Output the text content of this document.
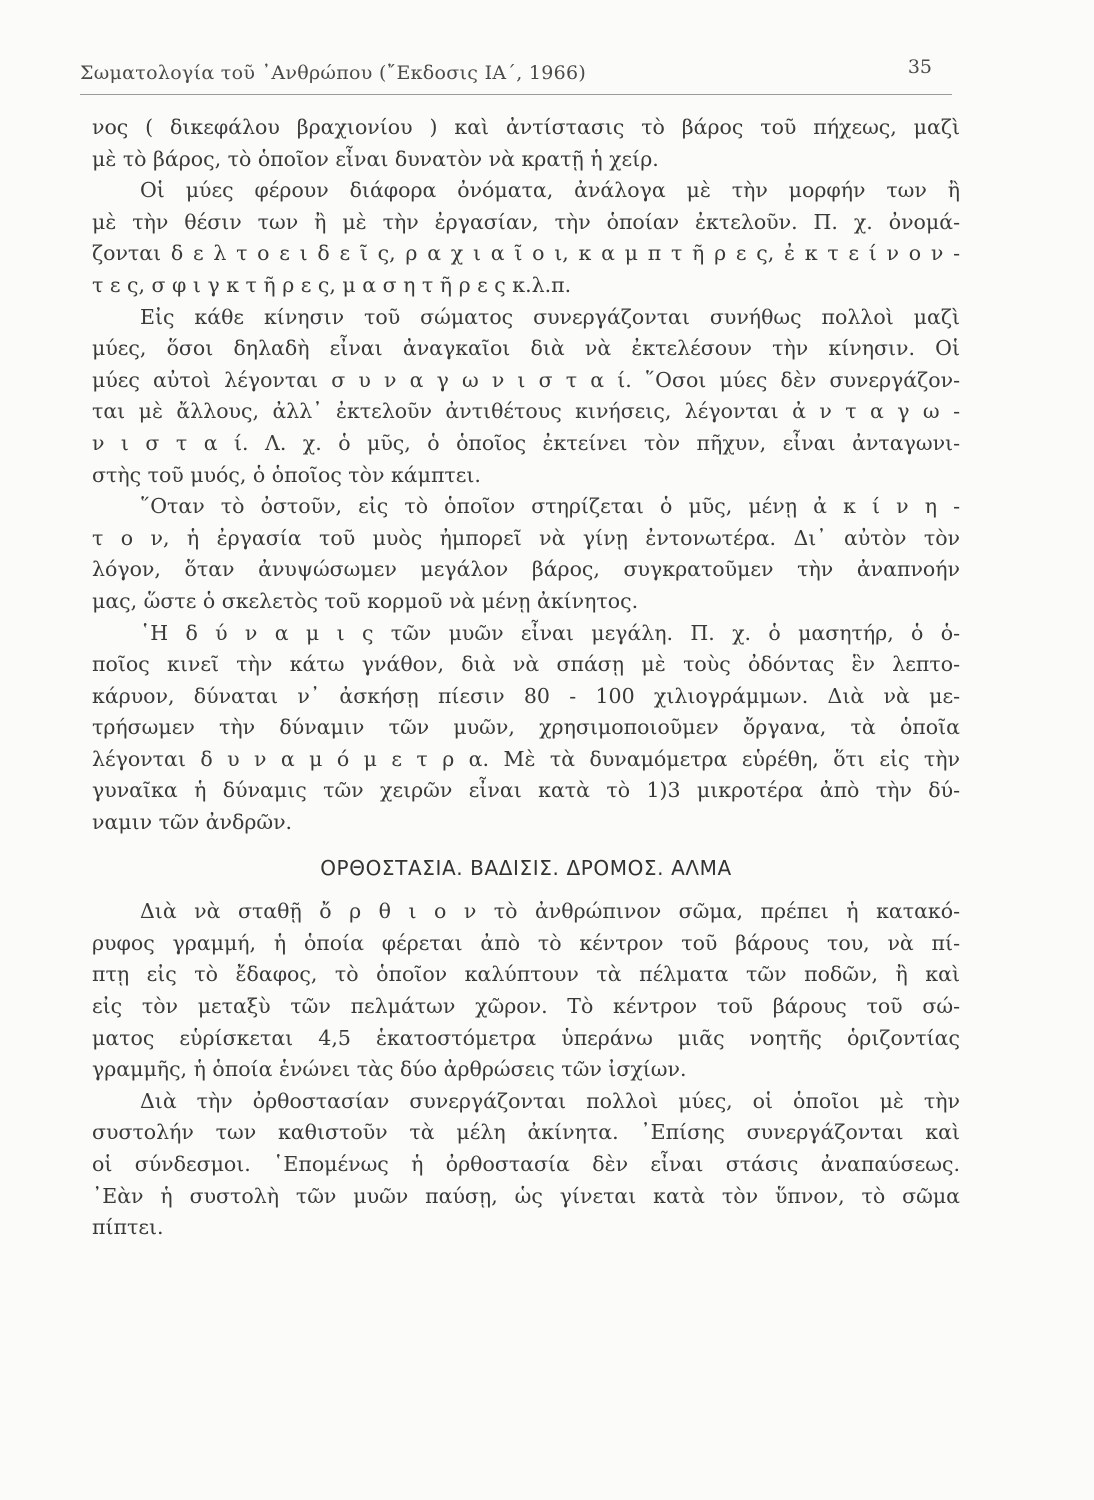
Σωματολογία τοῦ ᾿Ανθρώπου (῎Εκδοσις ΙΑ΄, 1966)	35
νος ( δικεφάλου βραχιονίου ) καὶ ἀντίστασις τὸ βάρος τοῦ πήχεως, μαζὶ
μὲ τὸ βάρος, τὸ ὁποῖον εἶναι δυνατὸν νὰ κρατῇ ἡ χείρ.
Οἱ μύες φέρουν διάφορα ὀνόματα, ἀνάλογα μὲ τὴν μορφήν των ἢ
μὲ τὴν θέσιν των ἢ μὲ τὴν ἐργασίαν, τὴν ὁποίαν ἐκτελοῦν. Π. χ. ὀνομά-
ζονται δ ε λ τ ο ε ι δ ε ῖ ς, ρ α χ ι α ῖ ο ι, κ α μ π τ ῆ ρ ε ς, ἐ κ τ ε ί ν ο ν -
τ ε ς, σ φ ι γ κ τ ῆ ρ ε ς, μ α σ η τ ῆ ρ ε ς κ.λ.π.
Εἰς κάθε κίνησιν τοῦ σώματος συνεργάζονται συνήθως πολλοὶ μαζὶ
μύες, ὅσοι δηλαδὴ εἶναι ἀναγκαῖοι διὰ νὰ ἐκτελέσουν τὴν κίνησιν. Οἱ
μύες αὐτοὶ λέγονται σ υ ν α γ ω ν ι σ τ α ί. ῞Οσοι μύες δὲν συνεργάζον-
ται μὲ ἄλλους, ἀλλ᾿ ἐκτελοῦν ἀντιθέτους κινήσεις, λέγονται ἀ ν τ α γ ω -
ν ι σ τ α ί. Λ. χ. ὁ μῦς, ὁ ὁποῖος ἐκτείνει τὸν πῆχυν, εἶναι ἀνταγωνι-
στὴς τοῦ μυός, ὁ ὁποῖος τὸν κάμπτει.
῞Οταν τὸ ὀστοῦν, εἰς τὸ ὁποῖον στηρίζεται ὁ μῦς, μένῃ ἀ κ ί ν η -
τ ο ν, ἡ ἐργασία τοῦ μυὸς ἠμπορεῖ νὰ γίνῃ ἐντονωτέρα. Δι᾿ αὐτὸν τὸν
λόγον, ὅταν ἀνυψώσωμεν μεγάλον βάρος, συγκρατοῦμεν τὴν ἀναπνοήν
μας, ὥστε ὁ σκελετὸς τοῦ κορμοῦ νὰ μένῃ ἀκίνητος.
῾Η δ ύ ν α μ ι ς τῶν μυῶν εἶναι μεγάλη. Π. χ. ὁ μασητήρ, ὁ ὁ-
ποῖος κινεῖ τὴν κάτω γνάθον, διὰ νὰ σπάσῃ μὲ τοὺς ὀδόντας ἓν λεπτο-
κάρυον, δύναται ν᾿ ἀσκήσῃ πίεσιν 80 - 100 χιλιογράμμων. Διὰ νὰ με-
τρήσωμεν τὴν δύναμιν τῶν μυῶν, χρησιμοποιοῦμεν ὄργανα, τὰ ὁποῖα
λέγονται δ υ ν α μ ό μ ε τ ρ α. Μὲ τὰ δυναμόμετρα εὑρέθη, ὅτι εἰς τὴν
γυναῖκα ἡ δύναμις τῶν χειρῶν εἶναι κατὰ τὸ 1)3 μικροτέρα ἀπὸ τὴν δύ-
ναμιν τῶν ἀνδρῶν.
ΟΡΘΟΣΤΑΣΙΑ. ΒΑΔΙΣΙΣ. ΔΡΟΜΟΣ. ΑΛΜΑ
Διὰ νὰ σταθῇ ὄ ρ θ ι ο ν τὸ ἀνθρώπινον σῶμα, πρέπει ἡ κατακό-
ρυφος γραμμή, ἡ ὁποία φέρεται ἀπὸ τὸ κέντρον τοῦ βάρους του, νὰ πί-
πτῃ εἰς τὸ ἔδαφος, τὸ ὁποῖον καλύπτουν τὰ πέλματα τῶν ποδῶν, ἢ καὶ
εἰς τὸν μεταξὺ τῶν πελμάτων χῶρον. Τὸ κέντρον τοῦ βάρους τοῦ σώ-
ματος εὑρίσκεται 4,5 ἑκατοστόμετρα ὑπεράνω μιᾶς νοητῆς ὁριζοντίας
γραμμῆς, ἡ ὁποία ἑνώνει τὰς δύο ἀρθρώσεις τῶν ἰσχίων.
Διὰ τὴν ὀρθοστασίαν συνεργάζονται πολλοὶ μύες, οἱ ὁποῖοι μὲ τὴν
συστολήν των καθιστοῦν τὰ μέλη ἀκίνητα. ᾿Επίσης συνεργάζονται καὶ
οἱ σύνδεσμοι. ῾Επομένως ἡ ὀρθοστασία δὲν εἶναι στάσις ἀναπαύσεως.
᾿Εὰν ἡ συστολὴ τῶν μυῶν παύσῃ, ὡς γίνεται κατὰ τὸν ὕπνον, τὸ σῶμα
πίπτει.
